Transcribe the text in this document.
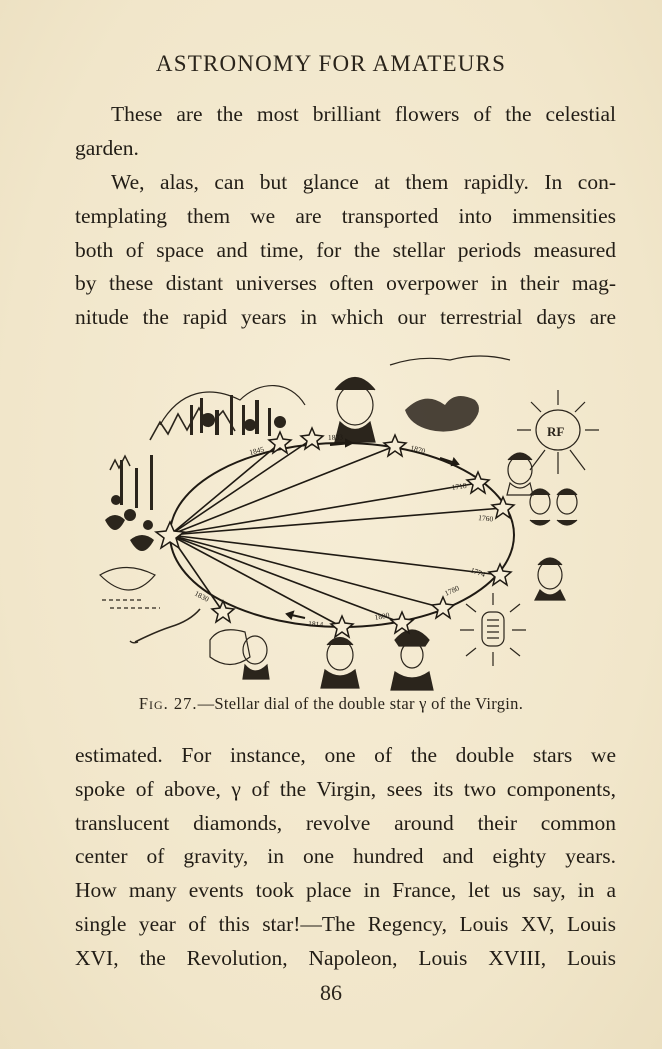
ASTRONOMY FOR AMATEURS
These are the most brilliant flowers of the celestial
garden.
We, alas, can but glance at them rapidly. In con-
templating them we are transported into immensities
both of space and time, for the stellar periods measured
by these distant universes often overpower in their mag-
nitude the rapid years in which our terrestrial days are
RF
1845
1833
1870
1718
1760
1774
1780
1800
1814
1830
Fig. 27.—Stellar dial of the double star γ of the Virgin.
estimated. For instance, one of the double stars we
spoke of above, γ of the Virgin, sees its two components,
translucent diamonds, revolve around their common
center of gravity, in one hundred and eighty years.
How many events took place in France, let us say, in a
single year of this star!—The Regency, Louis XV, Louis
XVI, the Revolution, Napoleon, Louis XVIII, Louis
86
